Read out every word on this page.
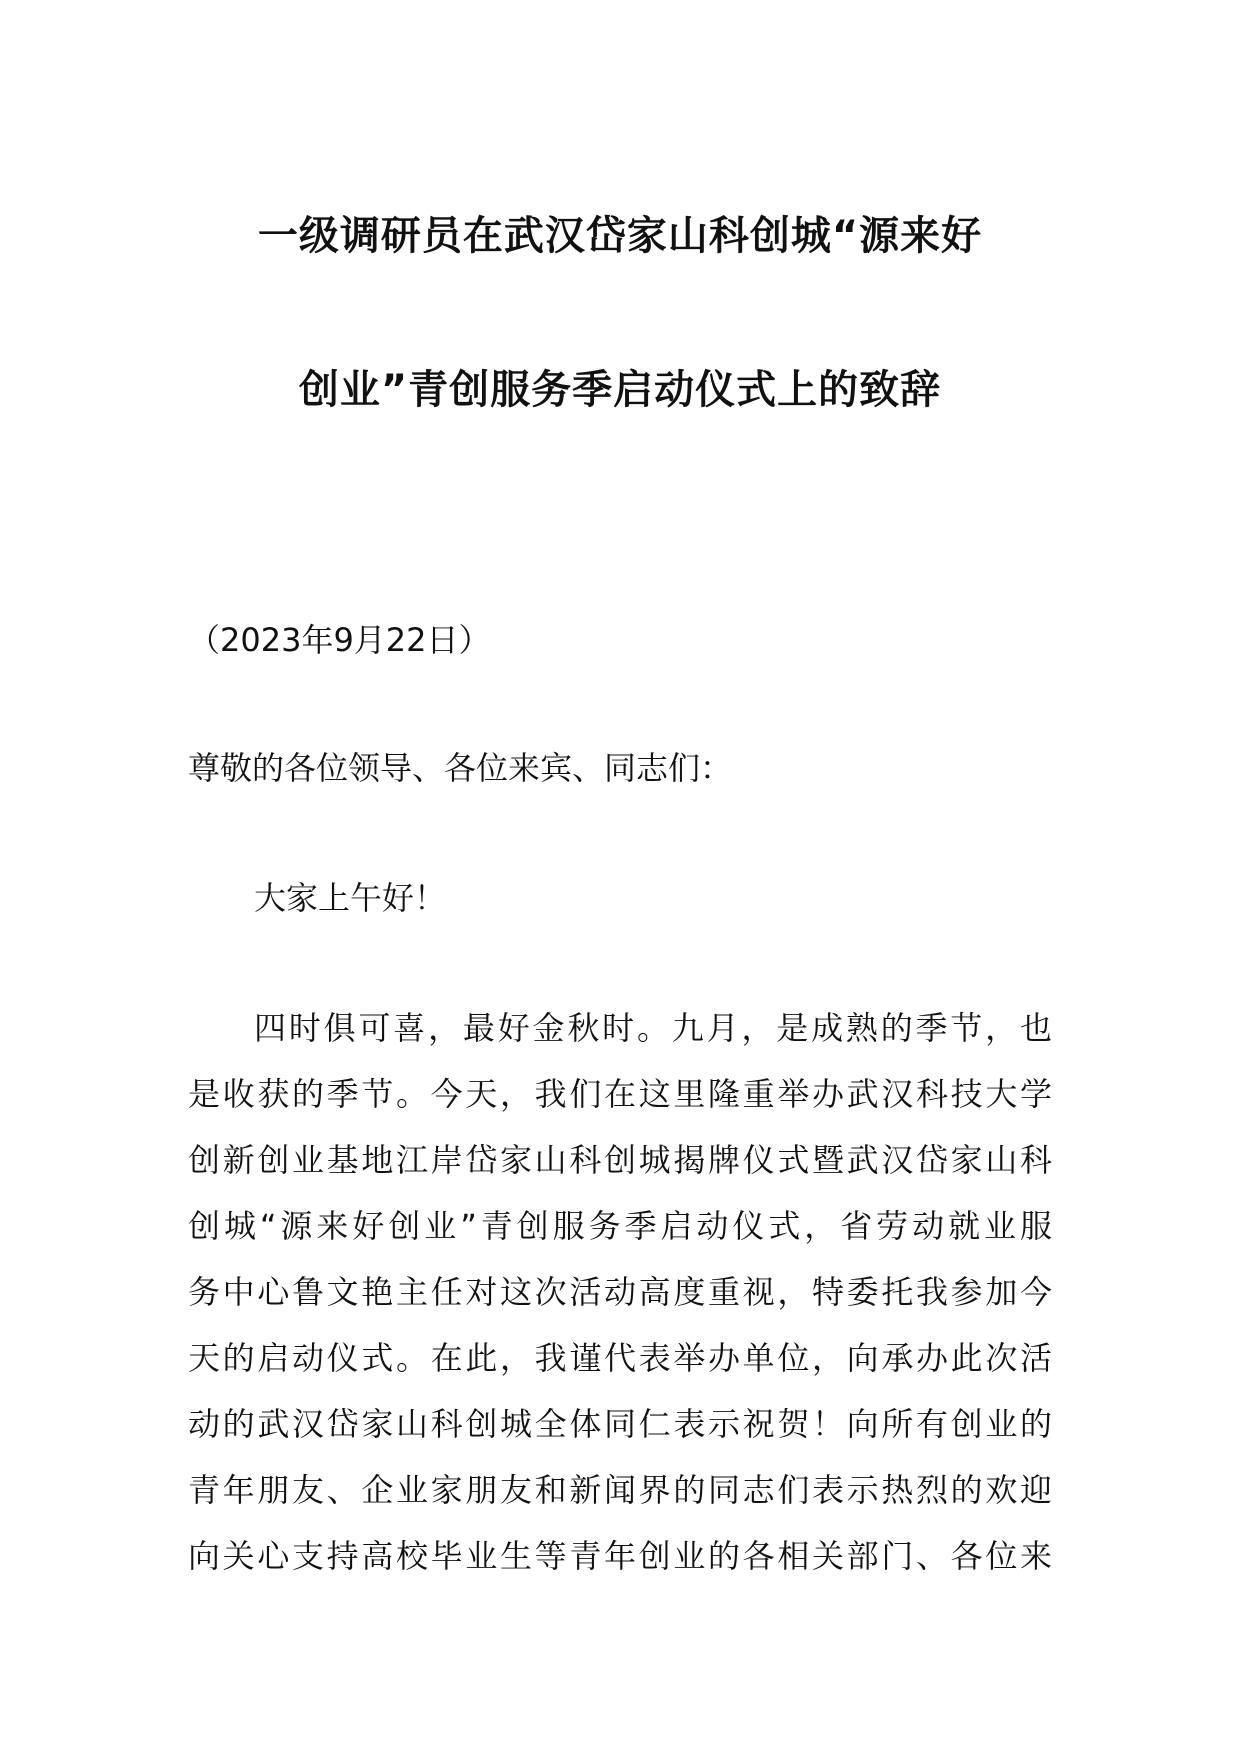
一级调研员在武汉岱家山科创城“源来好
创业”青创服务季启动仪式上的致辞
（2023年9月22日）
尊敬的各位领导、各位来宾、同志们：
大家上午好！
四时俱可喜，最好金秋时。九月，是成熟的季节，也
是收获的季节。今天，我们在这里隆重举办武汉科技大学
创新创业基地江岸岱家山科创城揭牌仪式暨武汉岱家山科
创城“源来好创业”青创服务季启动仪式，省劳动就业服
务中心鲁文艳主任对这次活动高度重视，特委托我参加今
天的启动仪式。在此，我谨代表举办单位，向承办此次活
动的武汉岱家山科创城全体同仁表示祝贺！向所有创业的
青年朋友、企业家朋友和新闻界的同志们表示热烈的欢迎
向关心支持高校毕业生等青年创业的各相关部门、各位来
